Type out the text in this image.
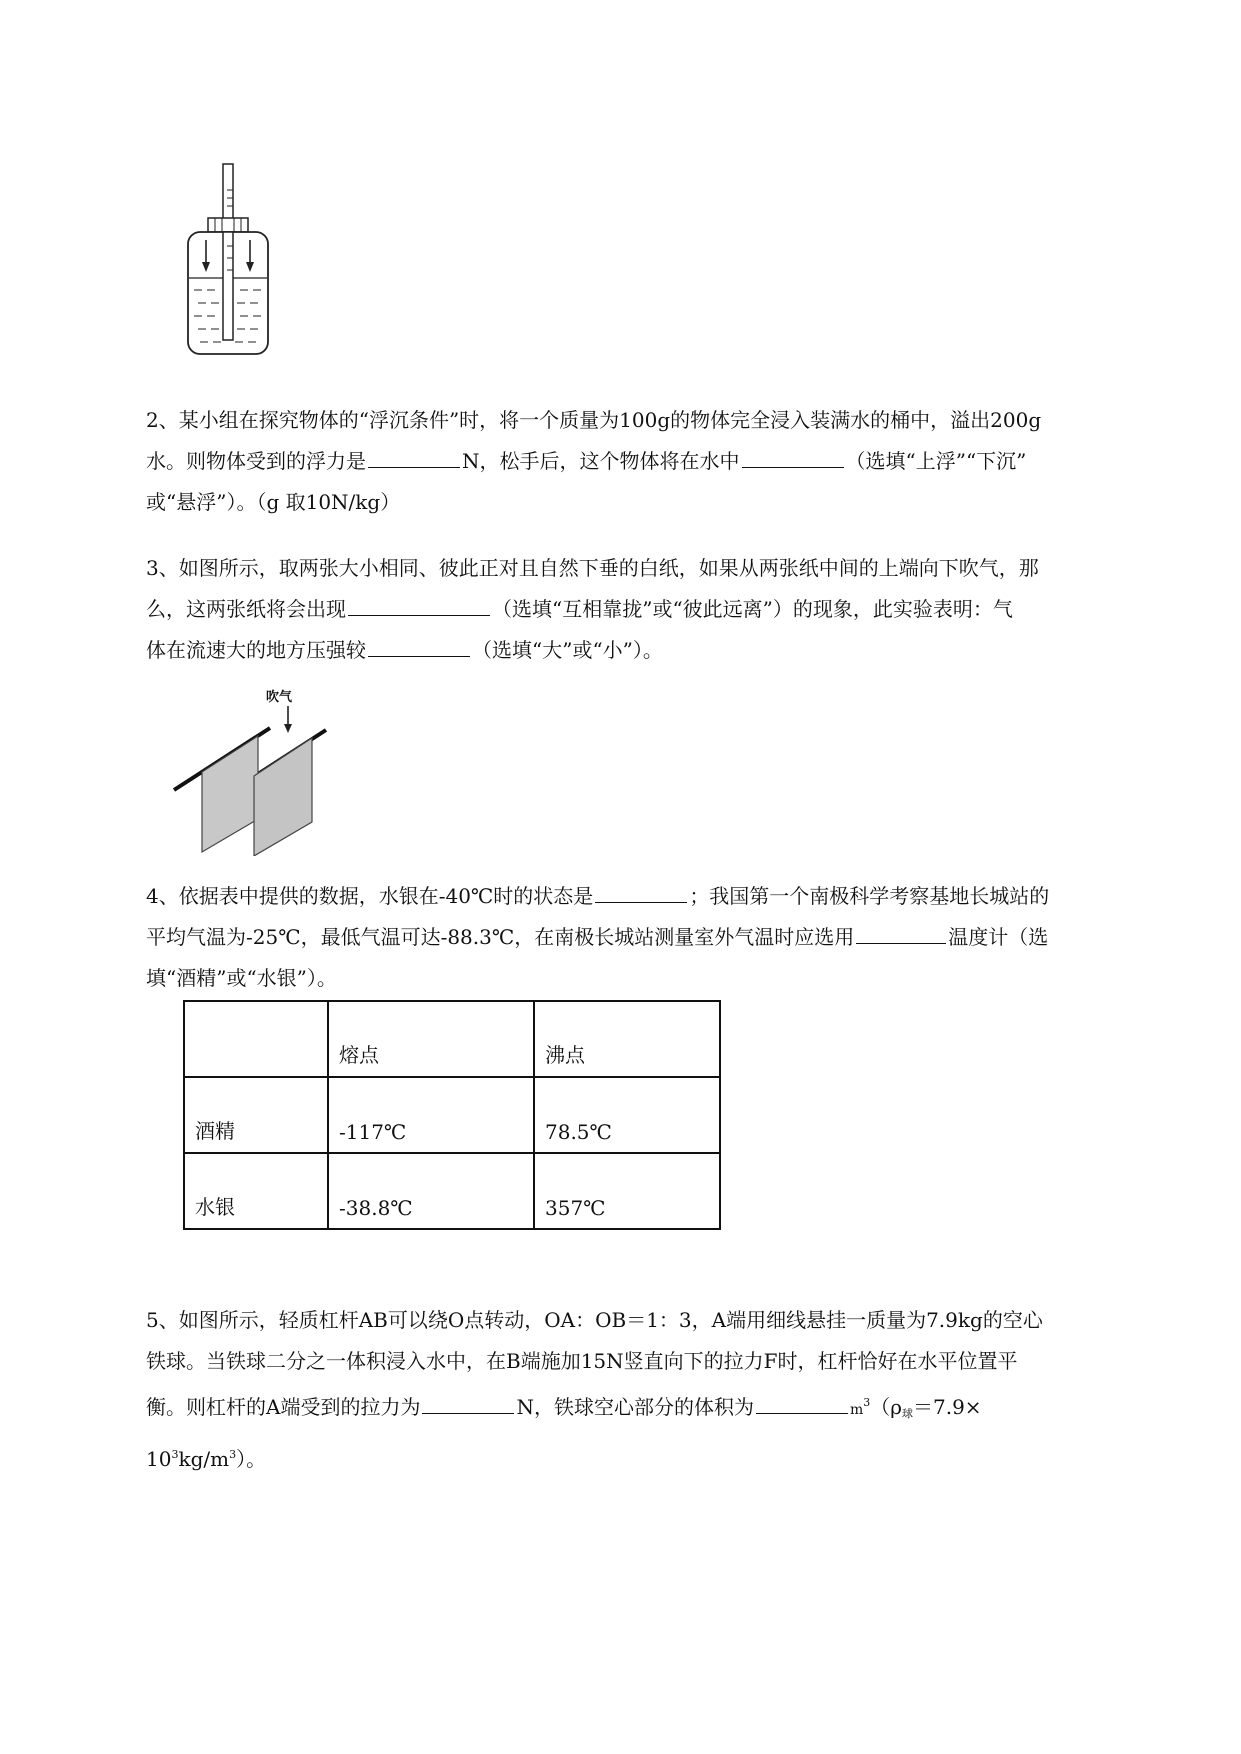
2、某小组在探究物体的“浮沉条件”时，将一个质量为100g的物体完全浸入装满水的桶中，溢出200g
水。则物体受到的浮力是	N，松手后，这个物体将在水中	（选填“上浮”“下沉”
或“悬浮”）。（g 取10N/kg）
3、如图所示，取两张大小相同、彼此正对且自然下垂的白纸，如果从两张纸中间的上端向下吹气，那
么，这两张纸将会出现	（选填“互相靠拢”或“彼此远离”）的现象，此实验表明：气
体在流速大的地方压强较	（选填“大”或“小”）。
吹气
4、依据表中提供的数据，水银在-40℃时的状态是	；我国第一个南极科学考察基地长城站的
平均气温为-25℃，最低气温可达-88.3℃，在南极长城站测量室外气温时应选用	温度计（选
填“酒精”或“水银”）。
	熔点	沸点
酒精	-117℃	78.5℃
水银	-38.8℃	357℃
5、如图所示，轻质杠杆AB可以绕O点转动，OA：OB＝1：3，A端用细线悬挂一质量为7.9kg的空心
铁球。当铁球二分之一体积浸入水中，在B端施加15N竖直向下的拉力F时，杠杆恰好在水平位置平
衡。则杠杆的A端受到的拉力为	N，铁球空心部分的体积为	$m^3(\rho_球=7.9\times$
$10^3kg/m^3$）。
